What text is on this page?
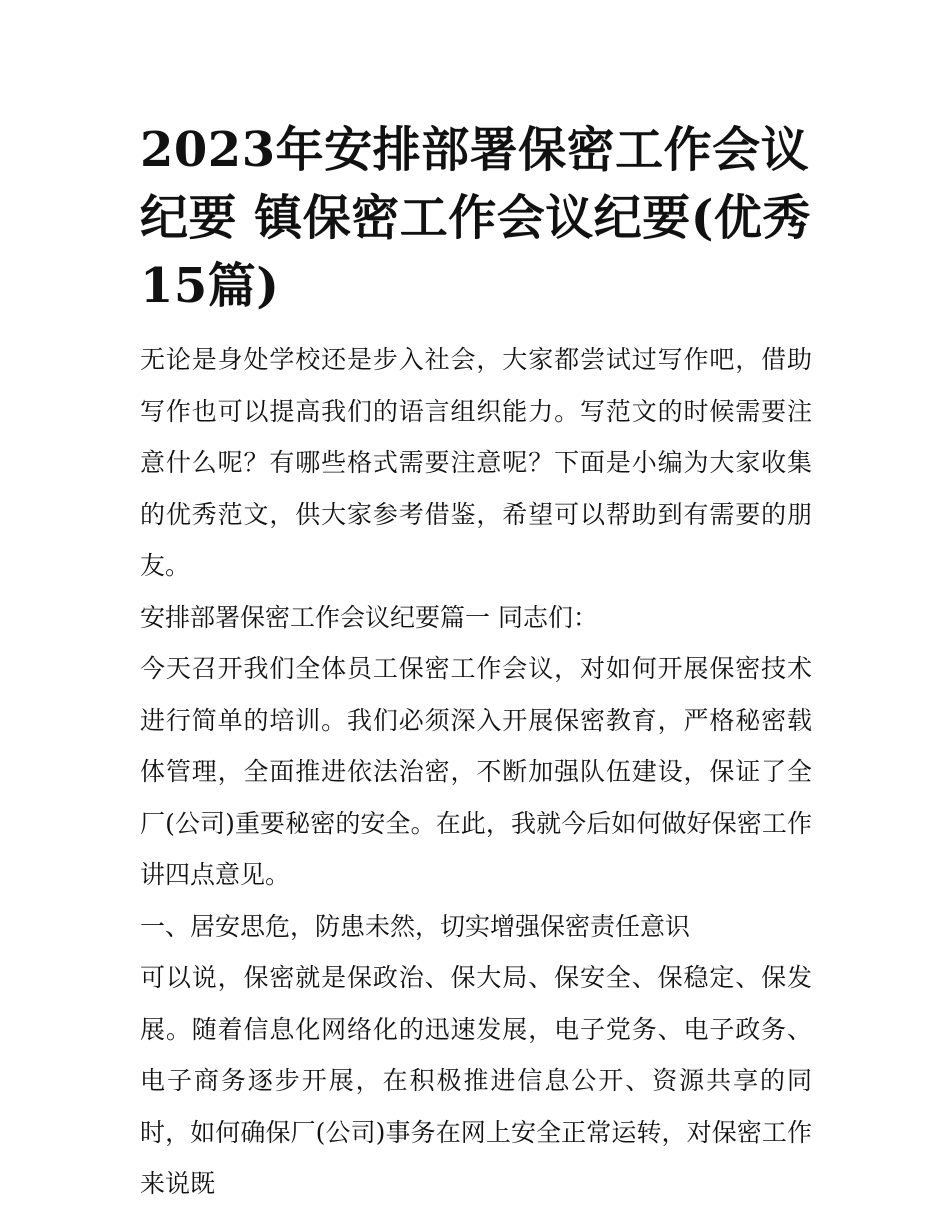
2023年安排部署保密工作会议纪要 镇保密工作会议纪要(优秀15篇)

无论是身处学校还是步入社会，大家都尝试过写作吧，借助写作也可以提高我们的语言组织能力。写范文的时候需要注意什么呢？有哪些格式需要注意呢？下面是小编为大家收集的优秀范文，供大家参考借鉴，希望可以帮助到有需要的朋友。

安排部署保密工作会议纪要篇一 同志们：

今天召开我们全体员工保密工作会议，对如何开展保密技术进行简单的培训。我们必须深入开展保密教育，严格秘密载体管理，全面推进依法治密，不断加强队伍建设，保证了全厂(公司)重要秘密的安全。在此，我就今后如何做好保密工作讲四点意见。

一、居安思危，防患未然，切实增强保密责任意识

可以说，保密就是保政治、保大局、保安全、保稳定、保发展。随着信息化网络化的迅速发展，电子党务、电子政务、电子商务逐步开展，在积极推进信息公开、资源共享的同时，如何确保厂(公司)事务在网上安全正常运转，对保密工作来说既
